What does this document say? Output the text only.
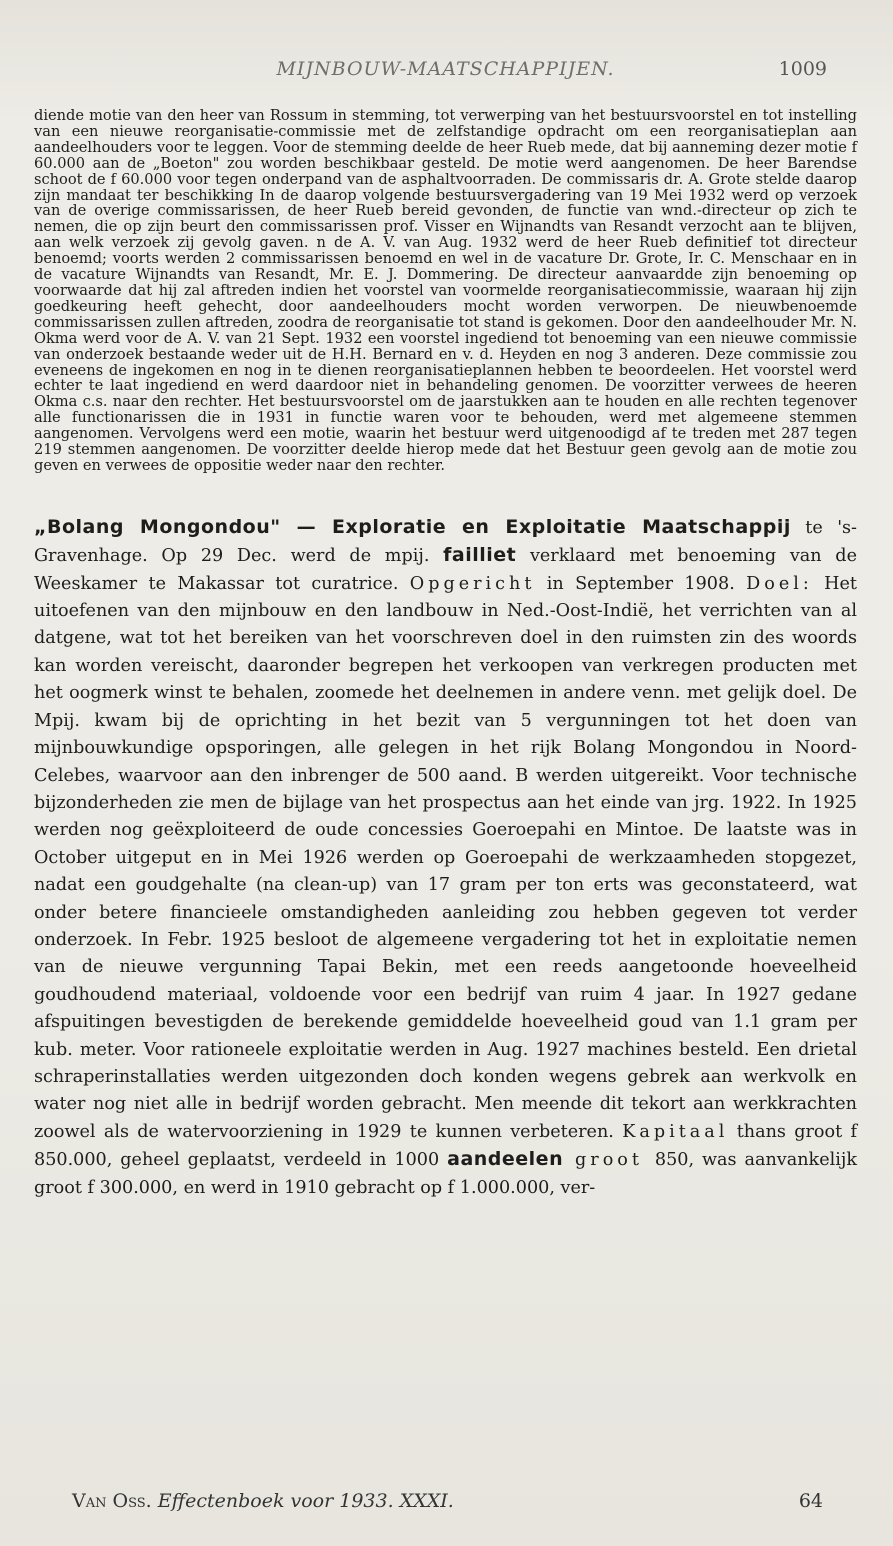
MIJNBOUW-MAATSCHAPPIJEN.	1009

diende motie van den heer van Rossum in stemming, tot verwerping van het bestuursvoorstel en tot instelling van een nieuwe reorganisatie-commissie met de zelfstandige opdracht om een reorganisatieplan aan aandeelhouders voor te leggen. Voor de stemming deelde de heer Rueb mede, dat bij aanneming dezer motie f 60.000 aan de „Boeton" zou worden beschikbaar gesteld. De motie werd aangenomen. De heer Barendse schoot de f 60.000 voor tegen onderpand van de asphaltvoorraden. De commissaris dr. A. Grote stelde daarop zijn mandaat ter beschikking In de daarop volgende bestuursvergadering van 19 Mei 1932 werd op verzoek van de overige commissarissen, de heer Rueb bereid gevonden, de functie van wnd.-directeur op zich te nemen, die op zijn beurt den commissarissen prof. Visser en Wijnandts van Resandt verzocht aan te blijven, aan welk verzoek zij gevolg gaven. n de A. V. van Aug. 1932 werd de heer Rueb definitief tot directeur benoemd; voorts werden 2 commissarissen benoemd en wel in de vacature Dr. Grote, Ir. C. Menschaar en in de vacature Wijnandts van Resandt, Mr. E. J. Dommering. De directeur aanvaardde zijn benoeming op voorwaarde dat hij zal aftreden indien het voorstel van voormelde reorganisatiecommissie, waaraan hij zijn goedkeuring heeft gehecht, door aandeelhouders mocht worden verworpen. De nieuwbenoemde commissarissen zullen aftreden, zoodra de reorganisatie tot stand is gekomen. Door den aandeelhouder Mr. N. Okma werd voor de A. V. van 21 Sept. 1932 een voorstel ingediend tot benoeming van een nieuwe commissie van onderzoek bestaande weder uit de H.H. Bernard en v. d. Heyden en nog 3 anderen. Deze commissie zou eveneens de ingekomen en nog in te dienen reorganisatieplannen hebben te beoordeelen. Het voorstel werd echter te laat ingediend en werd daardoor niet in behandeling genomen. De voorzitter verwees de heeren Okma c.s. naar den rechter. Het bestuursvoorstel om de jaarstukken aan te houden en alle rechten tegenover alle functionarissen die in 1931 in functie waren voor te behouden, werd met algemeene stemmen aangenomen. Vervolgens werd een motie, waarin het bestuur werd uitgenoodigd af te treden met 287 tegen 219 stemmen aangenomen. De voorzitter deelde hierop mede dat het Bestuur geen gevolg aan de motie zou geven en verwees de oppositie weder naar den rechter.

„Bolang Mongondou" — Exploratie en Exploitatie Maatschappij te 's-Gravenhage. Op 29 Dec. werd de mpij. failliet verklaard met benoeming van de Weeskamer te Makassar tot curatrice. Opgericht in September 1908. Doel: Het uitoefenen van den mijnbouw en den landbouw in Ned.-Oost-Indië, het verrichten van al datgene, wat tot het bereiken van het voorschreven doel in den ruimsten zin des woords kan worden vereischt, daaronder begrepen het verkoopen van verkregen producten met het oogmerk winst te behalen, zoomede het deelnemen in andere venn. met gelijk doel. De Mpij. kwam bij de oprichting in het bezit van 5 vergunningen tot het doen van mijnbouwkundige opsporingen, alle gelegen in het rijk Bolang Mongondou in Noord-Celebes, waarvoor aan den inbrenger de 500 aand. B werden uitgereikt. Voor technische bijzonderheden zie men de bijlage van het prospectus aan het einde van jrg. 1922. In 1925 werden nog geëxploiteerd de oude concessies Goeroepahi en Mintoe. De laatste was in October uitgeput en in Mei 1926 werden op Goeroepahi de werkzaamheden stopgezet, nadat een goudgehalte (na clean-up) van 17 gram per ton erts was geconstateerd, wat onder betere financieele omstandigheden aanleiding zou hebben gegeven tot verder onderzoek. In Febr. 1925 besloot de algemeene vergadering tot het in exploitatie nemen van de nieuwe vergunning Tapai Bekin, met een reeds aangetoonde hoeveelheid goudhoudend materiaal, voldoende voor een bedrijf van ruim 4 jaar. In 1927 gedane afspuitingen bevestigden de berekende gemiddelde hoeveelheid goud van 1.1 gram per kub. meter. Voor rationeele exploitatie werden in Aug. 1927 machines besteld. Een drietal schraperinstallaties werden uitgezonden doch konden wegens gebrek aan werkvolk en water nog niet alle in bedrijf worden gebracht. Men meende dit tekort aan werkkrachten zoowel als de watervoorziening in 1929 te kunnen verbeteren. Kapitaal thans groot f 850.000, geheel geplaatst, verdeeld in 1000 aandeelen groot 850, was aanvankelijk groot f 300.000, en werd in 1910 gebracht op f 1.000.000, ver-

Van Oss. Effectenboek voor 1933. XXXI.	64
